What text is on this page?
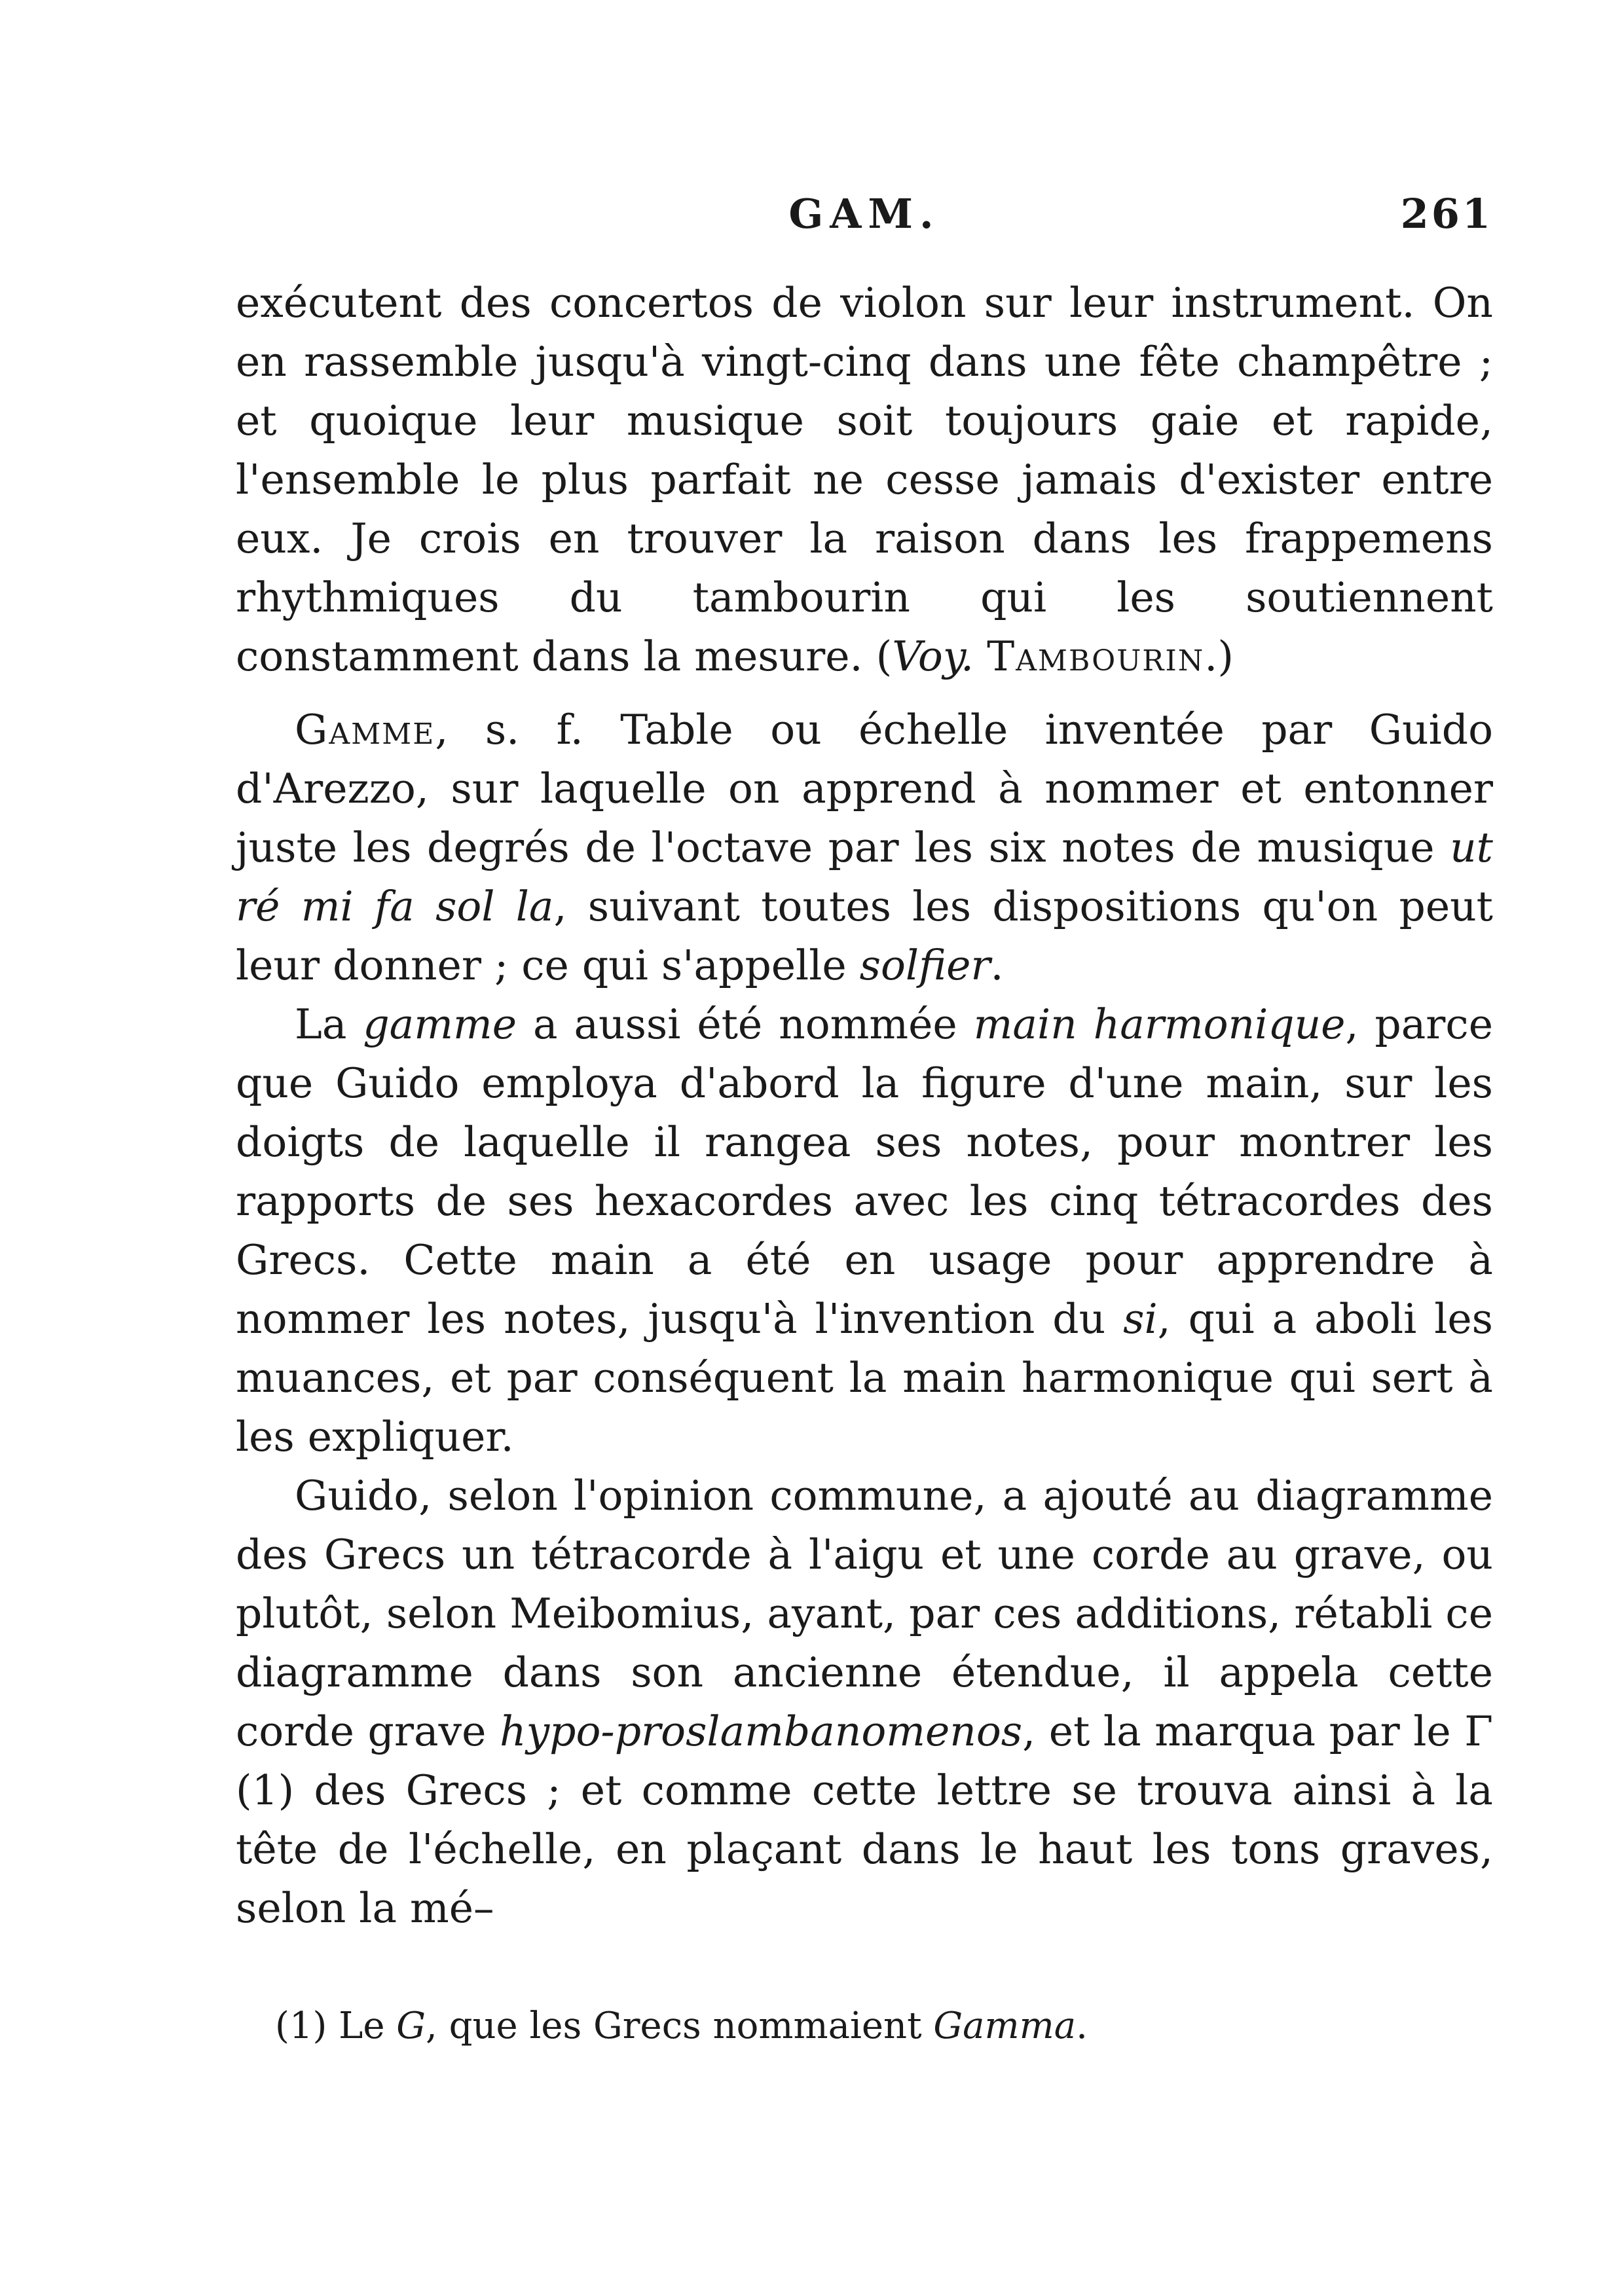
GAM.	261

exécutent des concertos de violon sur leur instrument. On en rassemble jusqu'à vingt-cinq dans une fête champêtre ; et quoique leur musique soit toujours gaie et rapide, l'ensemble le plus parfait ne cesse jamais d'exister entre eux. Je crois en trouver la raison dans les frappemens rhythmiques du tambourin qui les soutiennent constamment dans la mesure. (Voy. Tambourin.)

Gamme, s. f. Table ou échelle inventée par Guido d'Arezzo, sur laquelle on apprend à nommer et entonner juste les degrés de l'octave par les six notes de musique ut ré mi fa sol la, suivant toutes les dispositions qu'on peut leur donner ; ce qui s'appelle solfier.

La gamme a aussi été nommée main harmonique, parce que Guido employa d'abord la figure d'une main, sur les doigts de laquelle il rangea ses notes, pour montrer les rapports de ses hexacordes avec les cinq tétracordes des Grecs. Cette main a été en usage pour apprendre à nommer les notes, jusqu'à l'invention du si, qui a aboli les muances, et par conséquent la main harmonique qui sert à les expliquer.

Guido, selon l'opinion commune, a ajouté au diagramme des Grecs un tétracorde à l'aigu et une corde au grave, ou plutôt, selon Meibomius, ayant, par ces additions, rétabli ce diagramme dans son ancienne étendue, il appela cette corde grave hypo-proslambanomenos, et la marqua par le Γ (1) des Grecs ; et comme cette lettre se trouva ainsi à la tête de l'échelle, en plaçant dans le haut les tons graves, selon la mé–

(1) Le G, que les Grecs nommaient Gamma.
